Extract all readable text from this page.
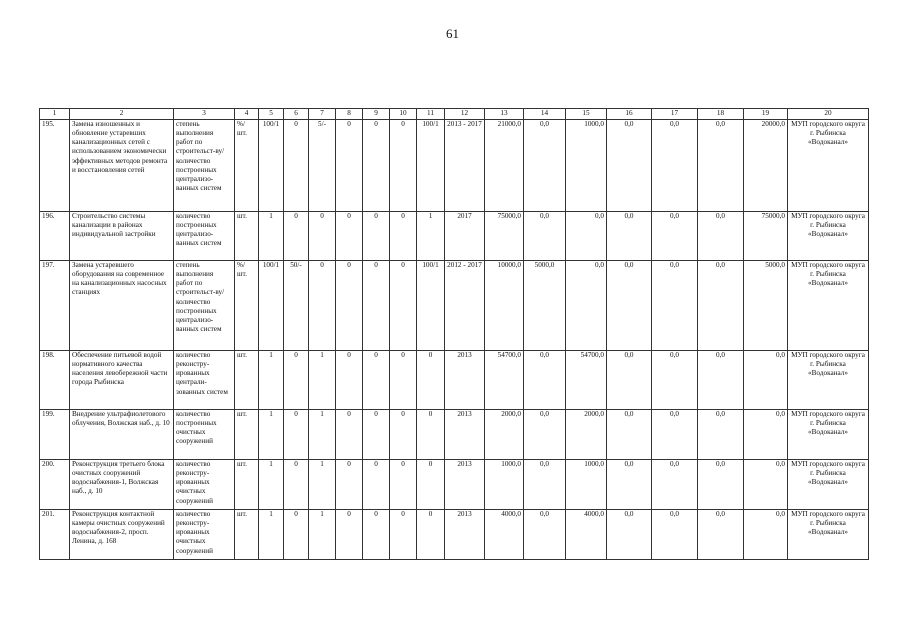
61
1	2	3	4	5	6	7	8	9	10	11	12	13	14	15	16	17	18	19	20
195.	Замена изношенных и обновление устаревших канализационных сетей с использованием экономически эффективных методов ремонта и восстановления сетей	степень выполнения работ по строительст-ву/количество построенных централизо-ванных систем	%/ шт.	100/1	0	5/-	0	0	0	100/1	2013 - 2017	21000,0	0,0	1000,0	0,0	0,0	0,0	20000,0	МУП городского округа г. Рыбинска «Водоканал»
196.	Строительство системы канализации в районах индивидуальной застройки	количество построенных централизо-ванных систем	шт.	1	0	0	0	0	0	1	2017	75000,0	0,0	0,0	0,0	0,0	0,0	75000,0	МУП городского округа г. Рыбинска «Водоканал»
197.	Замена устаревшего оборудования на современное на канализационных насосных станциях	степень выполнения работ по строительст-ву/количество построенных централизо-ванных систем	%/ шт.	100/1	50/-	0	0	0	0	100/1	2012 - 2017	10000,0	5000,0	0,0	0,0	0,0	0,0	5000,0	МУП городского округа г. Рыбинска «Водоканал»
198.	Обеспечение питьевой водой нормативного качества населения левобережной части города Рыбинска	количество реконстру-ированных централи-зованных систем	шт.	1	0	1	0	0	0	0	2013	54700,0	0,0	54700,0	0,0	0,0	0,0	0,0	МУП городского округа г. Рыбинска «Водоканал»
199.	Внедрение ультрафиолетового облучения, Волжская наб., д. 10	количество построенных очистных сооружений	шт.	1	0	1	0	0	0	0	2013	2000,0	0,0	2000,0	0,0	0,0	0,0	0,0	МУП городского округа г. Рыбинска «Водоканал»
200.	Реконструкция третьего блока очистных сооружений водоснабжения-1, Волжская наб., д. 10	количество реконстру-ированных очистных сооружений	шт.	1	0	1	0	0	0	0	2013	1000,0	0,0	1000,0	0,0	0,0	0,0	0,0	МУП городского округа г. Рыбинска «Водоканал»
201.	Реконструкция контактной камеры очистных сооружений водоснабжения-2, просп. Ленина, д. 168	количество реконстру-ированных очистных сооружений	шт.	1	0	1	0	0	0	0	2013	4000,0	0,0	4000,0	0,0	0,0	0,0	0,0	МУП городского округа г. Рыбинска «Водоканал»
